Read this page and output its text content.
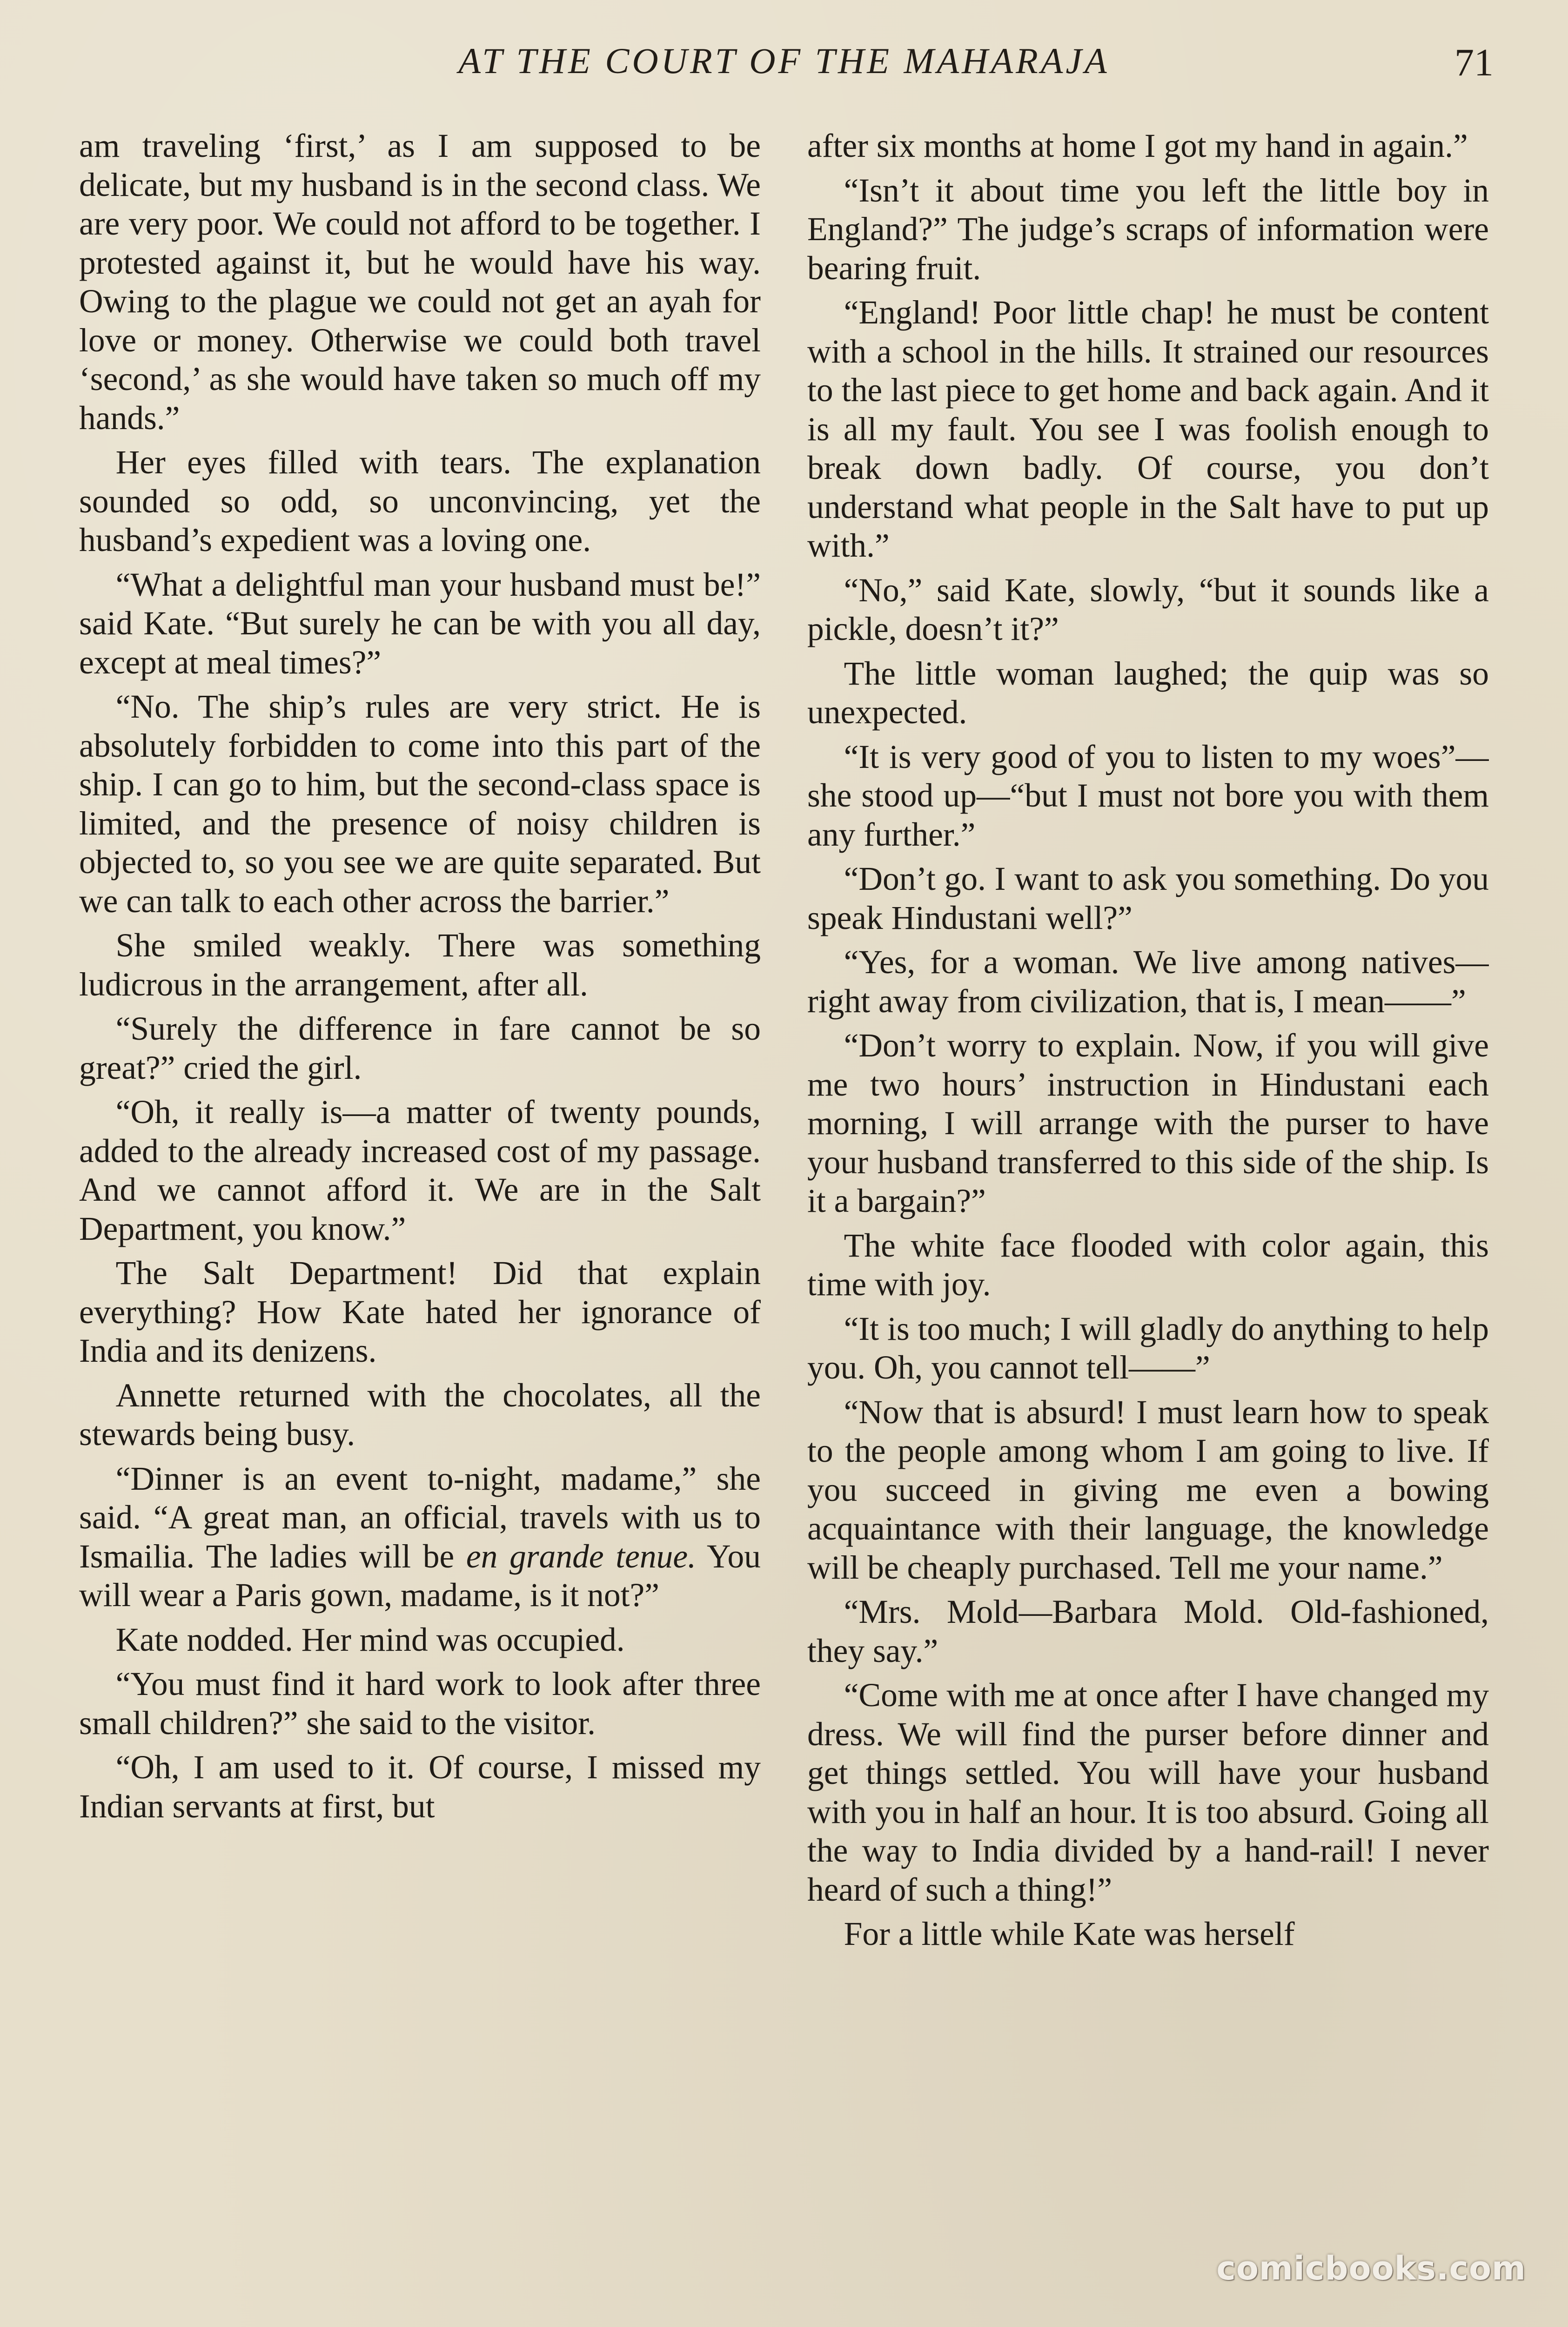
AT THE COURT OF THE MAHARAJA	71

am traveling ‘first,’ as I am supposed to be delicate, but my husband is in the second class. We are very poor. We could not afford to be together. I protested against it, but he would have his way. Owing to the plague we could not get an ayah for love or money. Otherwise we could both travel ‘second,’ as she would have taken so much off my hands.”

Her eyes filled with tears. The explanation sounded so odd, so unconvincing, yet the husband’s expedient was a loving one.

“What a delightful man your husband must be!” said Kate. “But surely he can be with you all day, except at meal times?”

“No. The ship’s rules are very strict. He is absolutely forbidden to come into this part of the ship. I can go to him, but the second-class space is limited, and the presence of noisy children is objected to, so you see we are quite separated. But we can talk to each other across the barrier.”

She smiled weakly. There was something ludicrous in the arrangement, after all.

“Surely the difference in fare cannot be so great?” cried the girl.

“Oh, it really is—a matter of twenty pounds, added to the already increased cost of my passage. And we cannot afford it. We are in the Salt Department, you know.”

The Salt Department! Did that explain everything? How Kate hated her ignorance of India and its denizens.

Annette returned with the chocolates, all the stewards being busy.

“Dinner is an event to-night, madame,” she said. “A great man, an official, travels with us to Ismailia. The ladies will be en grande tenue. You will wear a Paris gown, madame, is it not?”

Kate nodded. Her mind was occupied.

“You must find it hard work to look after three small children?” she said to the visitor.

“Oh, I am used to it. Of course, I missed my Indian servants at first, but

after six months at home I got my hand in again.”

“Isn’t it about time you left the little boy in England?” The judge’s scraps of information were bearing fruit.

“England! Poor little chap! he must be content with a school in the hills. It strained our resources to the last piece to get home and back again. And it is all my fault. You see I was foolish enough to break down badly. Of course, you don’t understand what people in the Salt have to put up with.”

“No,” said Kate, slowly, “but it sounds like a pickle, doesn’t it?”

The little woman laughed; the quip was so unexpected.

“It is very good of you to listen to my woes”—she stood up—“but I must not bore you with them any further.”

“Don’t go. I want to ask you something. Do you speak Hindustani well?”

“Yes, for a woman. We live among natives—right away from civilization, that is, I mean——”

“Don’t worry to explain. Now, if you will give me two hours’ instruction in Hindustani each morning, I will arrange with the purser to have your husband transferred to this side of the ship. Is it a bargain?”

The white face flooded with color again, this time with joy.

“It is too much; I will gladly do anything to help you. Oh, you cannot tell——”

“Now that is absurd! I must learn how to speak to the people among whom I am going to live. If you succeed in giving me even a bowing acquaintance with their language, the knowledge will be cheaply purchased. Tell me your name.”

“Mrs. Mold—Barbara Mold. Old-fashioned, they say.”

“Come with me at once after I have changed my dress. We will find the purser before dinner and get things settled. You will have your husband with you in half an hour. It is too absurd. Going all the way to India divided by a hand-rail! I never heard of such a thing!”

For a little while Kate was herself

comicbooks.com
